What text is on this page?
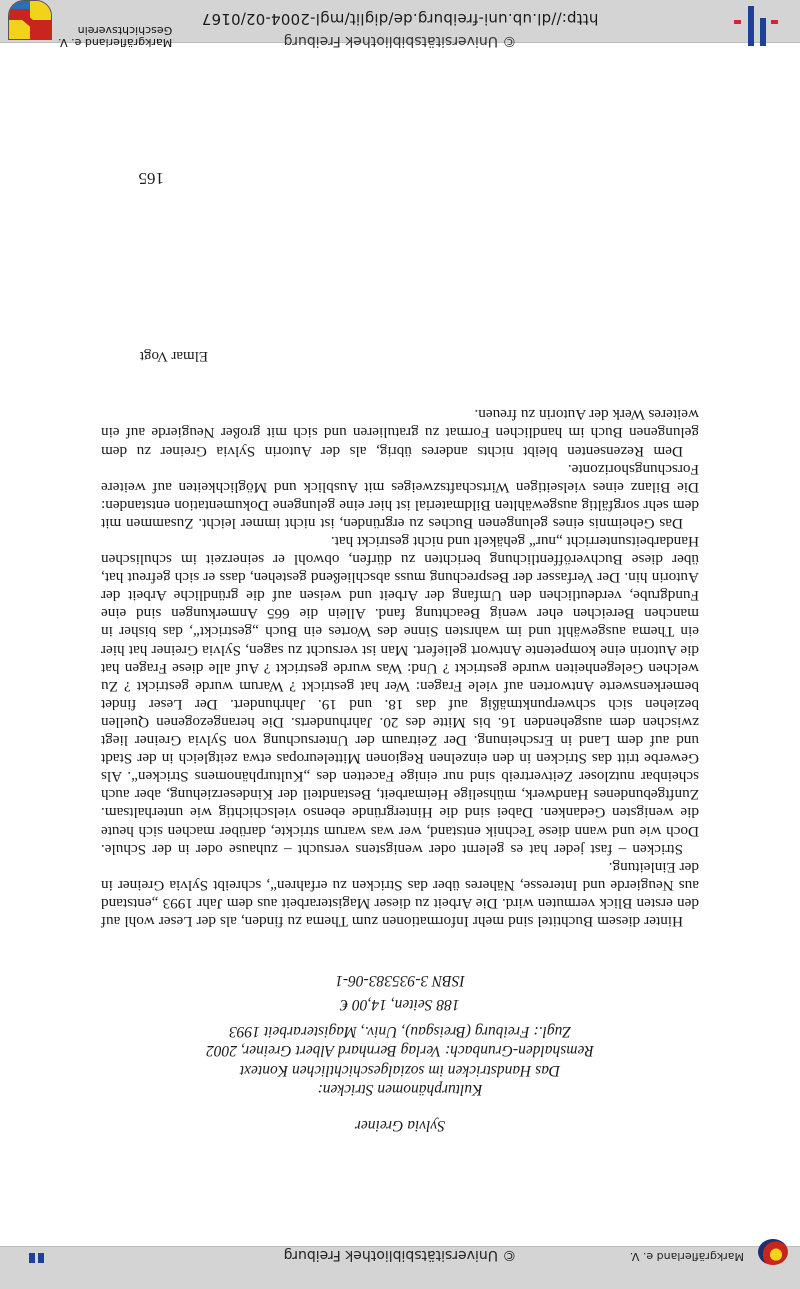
Markgräflerland e. V.
© Universitätsbibliothek Freiburg
Sylvia Greiner
Kulturphänomen Stricken:
Das Handstricken im sozialgeschichtlichen Kontext
Remshalden-Grunbach: Verlag Bernhard Albert Greiner, 2002
Zugl.: Freiburg (Breisgau), Univ., Magisterarbeit 1993
188 Seiten, 14,00 €
ISBN 3-935383-06-1

Hinter diesem Buchtitel sind mehr Informationen zum Thema zu finden, als der Leser wohl auf den ersten Blick vermuten wird. Die Arbeit zu dieser Magisterarbeit aus dem Jahr 1993 „entstand aus Neugierde und Interesse, Näheres über das Stricken zu erfahren“, schreibt Sylvia Greiner in der Einleitung.

Stricken – fast jeder hat es gelernt oder wenigstens versucht – zuhause oder in der Schule. Doch wie und wann diese Technik entstand, wer was warum strickte, darüber machen sich heute die wenigsten Gedanken. Dabei sind die Hintergründe ebenso vielschichtig wie unterhaltsam. Zunftgebundenes Handwerk, mühselige Heimarbeit, Bestandteil der Kindeserziehung, aber auch scheinbar nutzloser Zeitvertreib sind nur einige Facetten des „Kulturphänomens Stricken“. Als Gewerbe tritt das Stricken in den einzelnen Regionen Mitteleuropas etwa zeitgleich in der Stadt und auf dem Land in Erscheinung. Der Zeitraum der Untersuchung von Sylvia Greiner liegt zwischen dem ausgehenden 16. bis Mitte des 20. Jahrhunderts. Die herangezogenen Quellen beziehen sich schwerpunktmäßig auf das 18. und 19. Jahrhundert. Der Leser findet bemerkenswerte Antworten auf viele Fragen: Wer hat gestrickt ? Warum wurde gestrickt ? Zu welchen Gelegenheiten wurde gestrickt ? Und: Was wurde gestrickt ? Auf alle diese Fragen hat die Autorin eine kompetente Antwort geliefert. Man ist versucht zu sagen, Sylvia Greiner hat hier ein Thema ausgewählt und im wahrsten Sinne des Wortes ein Buch „gestrickt“, das bisher in manchen Bereichen eher wenig Beachtung fand. Allein die 665 Anmerkungen sind eine Fundgrube, verdeutlichen den Umfang der Arbeit und weisen auf die gründliche Arbeit der Autorin hin. Der Verfasser der Besprechung muss abschließend gestehen, dass er sich gefreut hat, über diese Buchveröffentlichung berichten zu dürfen, obwohl er seinerzeit im schulischen Handarbeitsunterricht „nur“ gehäkelt und nicht gestrickt hat.

Das Geheimnis eines gelungenen Buches zu ergründen, ist nicht immer leicht. Zusammen mit dem sehr sorgfältig ausgewählten Bildmaterial ist hier eine gelungene Dokumentation entstanden: Die Bilanz eines vielseitigen Wirtschaftszweiges mit Ausblick und Möglichkeiten auf weitere Forschungshorizonte.

Dem Rezensenten bleibt nichts anderes übrig, als der Autorin Sylvia Greiner zu dem gelungenen Buch im handlichen Format zu gratulieren und sich mit großer Neugierde auf ein weiteres Werk der Autorin zu freuen.

Elmar Vogt
165
© Universitätsbibliothek Freiburg
http://dl.ub.uni-freiburg.de/diglit/mgl-2004-02/0167
Markgräflerland e. V.
Geschichtsverein
